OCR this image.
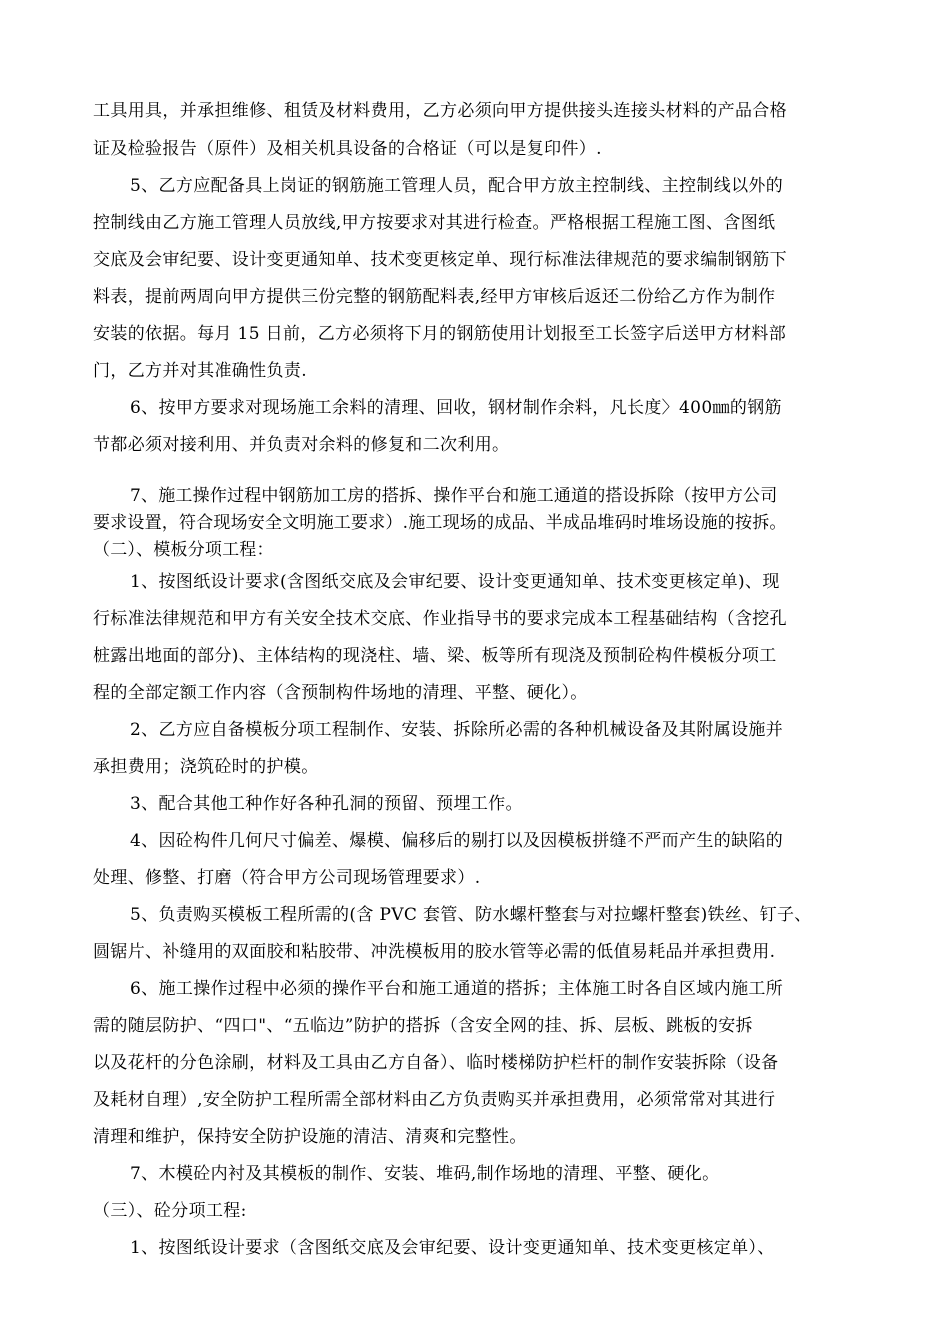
工具用具，并承担维修、租赁及材料费用，乙方必须向甲方提供接头连接头材料的产品合格
证及检验报告（原件）及相关机具设备的合格证（可以是复印件）.
5、乙方应配备具上岗证的钢筋施工管理人员，配合甲方放主控制线、主控制线以外的
控制线由乙方施工管理人员放线,甲方按要求对其进行检查。严格根据工程施工图、含图纸
交底及会审纪要、设计变更通知单、技术变更核定单、现行标准法律规范的要求编制钢筋下
料表，提前两周向甲方提供三份完整的钢筋配料表,经甲方审核后返还二份给乙方作为制作
安装的依据。每月 15 日前，乙方必须将下月的钢筋使用计划报至工长签字后送甲方材料部
门，乙方并对其准确性负责.
6、按甲方要求对现场施工余料的清理、回收，钢材制作余料，凡长度〉400㎜的钢筋
节都必须对接利用、并负责对余料的修复和二次利用。
7、施工操作过程中钢筋加工房的搭拆、操作平台和施工通道的搭设拆除（按甲方公司
要求设置，符合现场安全文明施工要求）.施工现场的成品、半成品堆码时堆场设施的按拆。
（二）、模板分项工程：
1、按图纸设计要求(含图纸交底及会审纪要、设计变更通知单、技术变更核定单)、现
行标准法律规范和甲方有关安全技术交底、作业指导书的要求完成本工程基础结构（含挖孔
桩露出地面的部分)、主体结构的现浇柱、墙、梁、板等所有现浇及预制砼构件模板分项工
程的全部定额工作内容（含预制构件场地的清理、平整、硬化）。
2、乙方应自备模板分项工程制作、安装、拆除所必需的各种机械设备及其附属设施并
承担费用；浇筑砼时的护模。
3、配合其他工种作好各种孔洞的预留、预埋工作。
4、因砼构件几何尺寸偏差、爆模、偏移后的剔打以及因模板拼缝不严而产生的缺陷的
处理、修整、打磨（符合甲方公司现场管理要求）.
5、负责购买模板工程所需的(含 PVC 套管、防水螺杆整套与对拉螺杆整套)铁丝、钉子、
圆锯片、补缝用的双面胶和粘胶带、冲洗模板用的胶水管等必需的低值易耗品并承担费用.
6、施工操作过程中必须的操作平台和施工通道的搭拆；主体施工时各自区域内施工所
需的随层防护、“四口"、“五临边”防护的搭拆（含安全网的挂、拆、层板、跳板的安拆
以及花杆的分色涂刷，材料及工具由乙方自备）、临时楼梯防护栏杆的制作安装拆除（设备
及耗材自理）,安全防护工程所需全部材料由乙方负责购买并承担费用，必须常常对其进行
清理和维护，保持安全防护设施的清洁、清爽和完整性。
7、木模砼内衬及其模板的制作、安装、堆码,制作场地的清理、平整、硬化。
（三）、砼分项工程:
1、按图纸设计要求（含图纸交底及会审纪要、设计变更通知单、技术变更核定单）、
